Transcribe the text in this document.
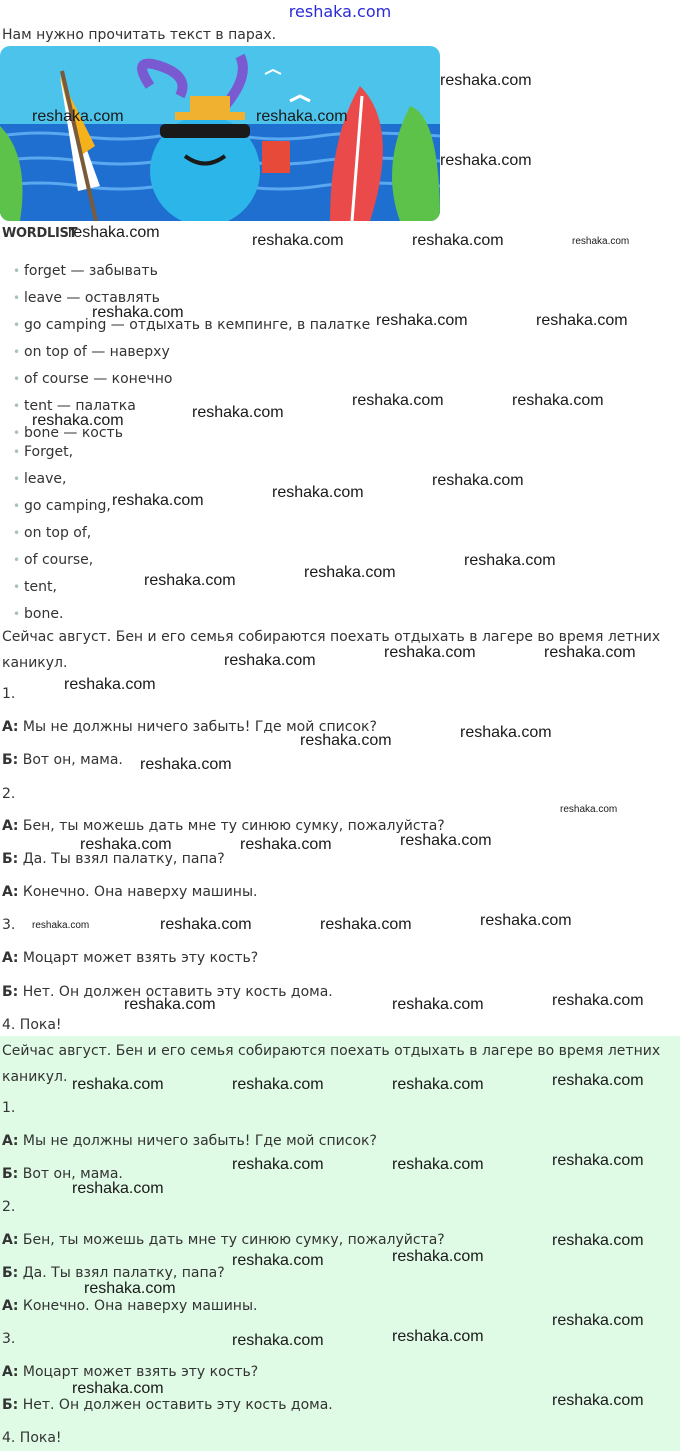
reshaka.com
Нам нужно прочитать текст в парах.
WORDLIST
• forget — забывать
• leave — оставлять
• go camping — отдыхать в кемпинге, в палатке
• on top of — наверху
• of course — конечно
• tent — палатка
• bone — кость
• Forget,
• leave,
• go camping,
• on top of,
• of course,
• tent,
• bone.
Сейчас август. Бен и его семья собираются поехать отдыхать в лагере во время летних каникул.
1.
А: Мы не должны ничего забыть! Где мой список?
Б: Вот он, мама.
2.
А: Бен, ты можешь дать мне ту синюю сумку, пожалуйста?
Б: Да. Ты взял палатку, папа?
А: Конечно. Она наверху машины.
3.
А: Моцарт может взять эту кость?
Б: Нет. Он должен оставить эту кость дома.
4. Пока!
Сейчас август. Бен и его семья собираются поехать отдыхать в лагере во время летних каникул.
1.
А: Мы не должны ничего забыть! Где мой список?
Б: Вот он, мама.
2.
А: Бен, ты можешь дать мне ту синюю сумку, пожалуйста?
Б: Да. Ты взял палатку, папа?
А: Конечно. Она наверху машины.
3.
А: Моцарт может взять эту кость?
Б: Нет. Он должен оставить эту кость дома.
4. Пока!
reshaka.com
reshaka.com
reshaka.com	reshaka.com
reshaka.com	reshaka.com	reshaka.com	reshaka.com
reshaka.com	reshaka.com	reshaka.com
reshaka.com
reshaka.com	reshaka.com
reshaka.com
reshaka.com	reshaka.com
reshaka.com
reshaka.com	reshaka.com
reshaka.com
reshaka.com	reshaka.com	reshaka.com
reshaka.com
reshaka.com	reshaka.com
reshaka.com
reshaka.com
reshaka.com	reshaka.com	reshaka.com
reshaka.com	reshaka.com	reshaka.com	reshaka.com
reshaka.com	reshaka.com	reshaka.com
reshaka.com	reshaka.com	reshaka.com	reshaka.com
reshaka.com	reshaka.com	reshaka.com
reshaka.com
reshaka.com	reshaka.com
reshaka.com
reshaka.com
reshaka.com	reshaka.com
reshaka.com
reshaka.com
reshaka.com
